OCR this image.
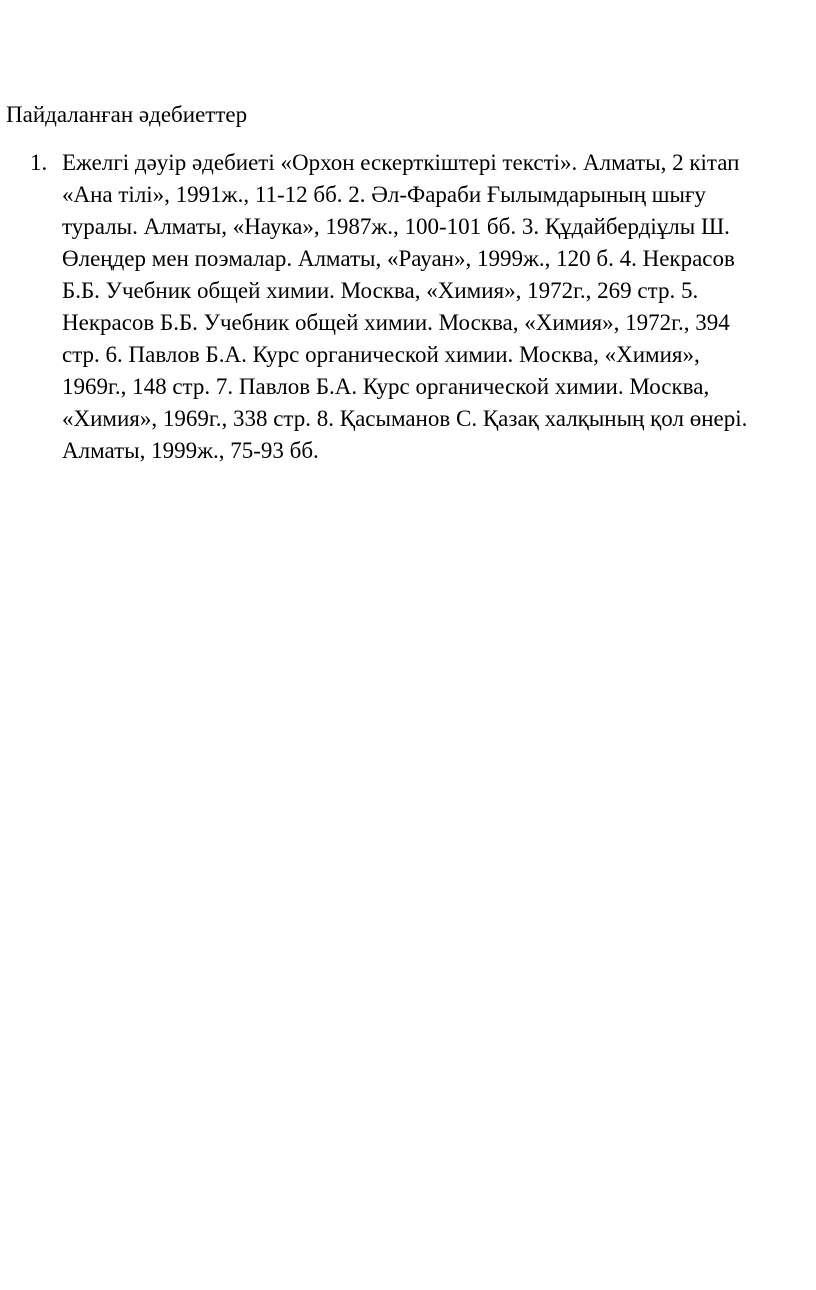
Пайдаланған әдебиеттер
1. Ежелгі дәуір әдебиеті «Орхон ескерткіштері тексті». Алматы, 2 кітап
«Ана тілі», 1991ж., 11-12 бб. 2. Әл-Фараби Ғылымдарының шығу
туралы. Алматы, «Наука», 1987ж., 100-101 бб. 3. Құдайбердіұлы Ш.
Өлеңдер мен поэмалар. Алматы, «Рауан», 1999ж., 120 б. 4. Некрасов
Б.Б. Учебник общей химии. Москва, «Химия», 1972г., 269 стр. 5.
Некрасов Б.Б. Учебник общей химии. Москва, «Химия», 1972г., 394
стр. 6. Павлов Б.А. Курс органической химии. Москва, «Химия»,
1969г., 148 стр. 7. Павлов Б.А. Курс органической химии. Москва,
«Химия», 1969г., 338 стр. 8. Қасыманов С. Қазақ халқының қол өнері.
Алматы, 1999ж., 75-93 бб.
